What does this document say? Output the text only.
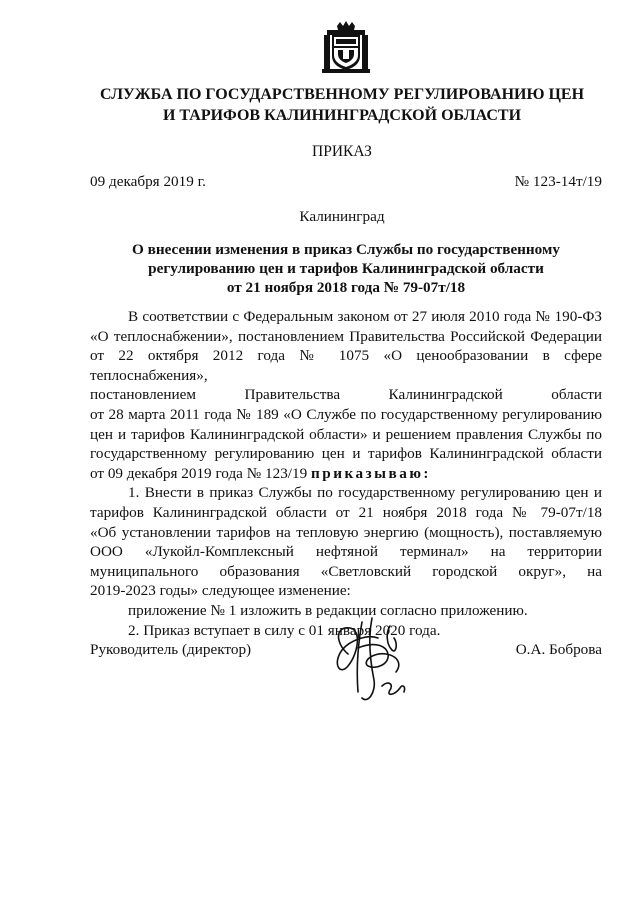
СЛУЖБА ПО ГОСУДАРСТВЕННОМУ РЕГУЛИРОВАНИЮ ЦЕН
И ТАРИФОВ КАЛИНИНГРАДСКОЙ ОБЛАСТИ
ПРИКАЗ
09 декабря 2019 г.	№ 123-14т/19
Калининград
О внесении изменения в приказ Службы по государственному
регулированию цен и тарифов Калининградской области
от 21 ноября 2018 года № 79-07т/18
В соответствии с Федеральным законом от 27 июля 2010 года № 190-ФЗ
«О теплоснабжении», постановлением Правительства Российской Федерации
от 22 октября 2012 года № 1075 «О ценообразовании в сфере теплоснабжения»,
постановлением Правительства Калининградской области
от 28 марта 2011 года № 189 «О Службе по государственному регулированию
цен и тарифов Калининградской области» и решением правления Службы по
государственному регулированию цен и тарифов Калининградской области
от 09 декабря 2019 года № 123/19 приказываю:
1. Внести в приказ Службы по государственному регулированию цен и
тарифов Калининградской области от 21 ноября 2018 года № 79-07т/18
«Об установлении тарифов на тепловую энергию (мощность), поставляемую
ООО «Лукойл-Комплексный нефтяной терминал» на территории
муниципального образования «Светловский городской округ», на
2019-2023 годы» следующее изменение:
приложение № 1 изложить в редакции согласно приложению.
2. Приказ вступает в силу с 01 января 2020 года.
Руководитель (директор)	О.А. Боброва
